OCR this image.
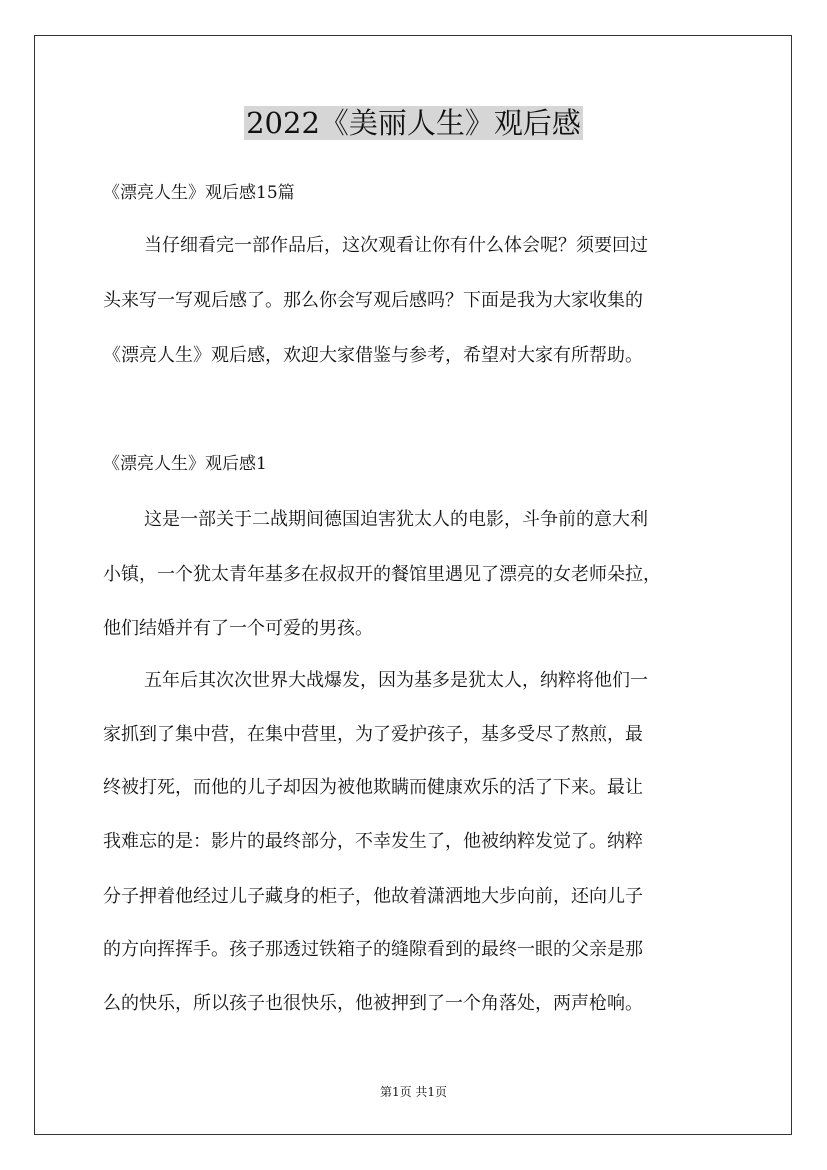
2022《美丽人生》观后感

《漂亮人生》观后感15篇

当仔细看完一部作品后，这次观看让你有什么体会呢？须要回过

头来写一写观后感了。那么你会写观后感吗？下面是我为大家收集的

《漂亮人生》观后感，欢迎大家借鉴与参考，希望对大家有所帮助。

《漂亮人生》观后感1

这是一部关于二战期间德国迫害犹太人的电影，斗争前的意大利

小镇，一个犹太青年基多在叔叔开的餐馆里遇见了漂亮的女老师朵拉，

他们结婚并有了一个可爱的男孩。

五年后其次次世界大战爆发，因为基多是犹太人，纳粹将他们一

家抓到了集中营，在集中营里，为了爱护孩子，基多受尽了熬煎，最

终被打死，而他的儿子却因为被他欺瞒而健康欢乐的活了下来。最让

我难忘的是：影片的最终部分，不幸发生了，他被纳粹发觉了。纳粹

分子押着他经过儿子藏身的柜子，他故着潇洒地大步向前，还向儿子

的方向挥挥手。孩子那透过铁箱子的缝隙看到的最终一眼的父亲是那

么的快乐，所以孩子也很快乐，他被押到了一个角落处，两声枪响。

第1页 共1页
